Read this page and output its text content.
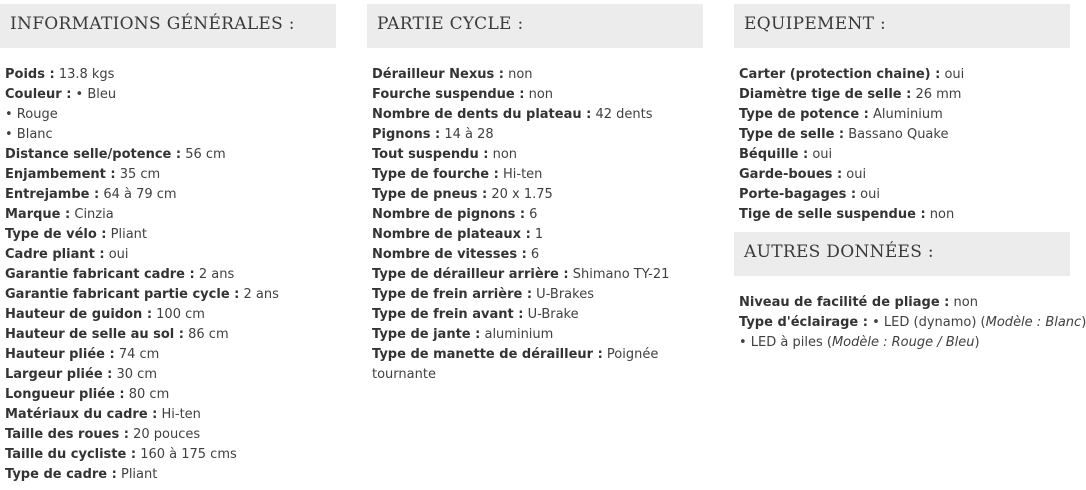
INFORMATIONS GÉNÉRALES :
Poids : 13.8 kgs
Couleur : • Bleu
• Rouge
• Blanc
Distance selle/potence : 56 cm
Enjambement : 35 cm
Entrejambe : 64 à 79 cm
Marque : Cinzia
Type de vélo : Pliant
Cadre pliant : oui
Garantie fabricant cadre : 2 ans
Garantie fabricant partie cycle : 2 ans
Hauteur de guidon : 100 cm
Hauteur de selle au sol : 86 cm
Hauteur pliée : 74 cm
Largeur pliée : 30 cm
Longueur pliée : 80 cm
Matériaux du cadre : Hi-ten
Taille des roues : 20 pouces
Taille du cycliste : 160 à 175 cms
Type de cadre : Pliant
PARTIE CYCLE :
Dérailleur Nexus : non
Fourche suspendue : non
Nombre de dents du plateau : 42 dents
Pignons : 14 à 28
Tout suspendu : non
Type de fourche : Hi-ten
Type de pneus : 20 x 1.75
Nombre de pignons : 6
Nombre de plateaux : 1
Nombre de vitesses : 6
Type de dérailleur arrière : Shimano TY-21
Type de frein arrière : U-Brakes
Type de frein avant : U-Brake
Type de jante : aluminium
Type de manette de dérailleur : Poignée tournante
EQUIPEMENT :
Carter (protection chaine) : oui
Diamètre tige de selle : 26 mm
Type de potence : Aluminium
Type de selle : Bassano Quake
Béquille : oui
Garde-boues : oui
Porte-bagages : oui
Tige de selle suspendue : non
AUTRES DONNÉES :
Niveau de facilité de pliage : non
Type d'éclairage : • LED (dynamo) (Modèle : Blanc)
• LED à piles (Modèle : Rouge / Bleu)
